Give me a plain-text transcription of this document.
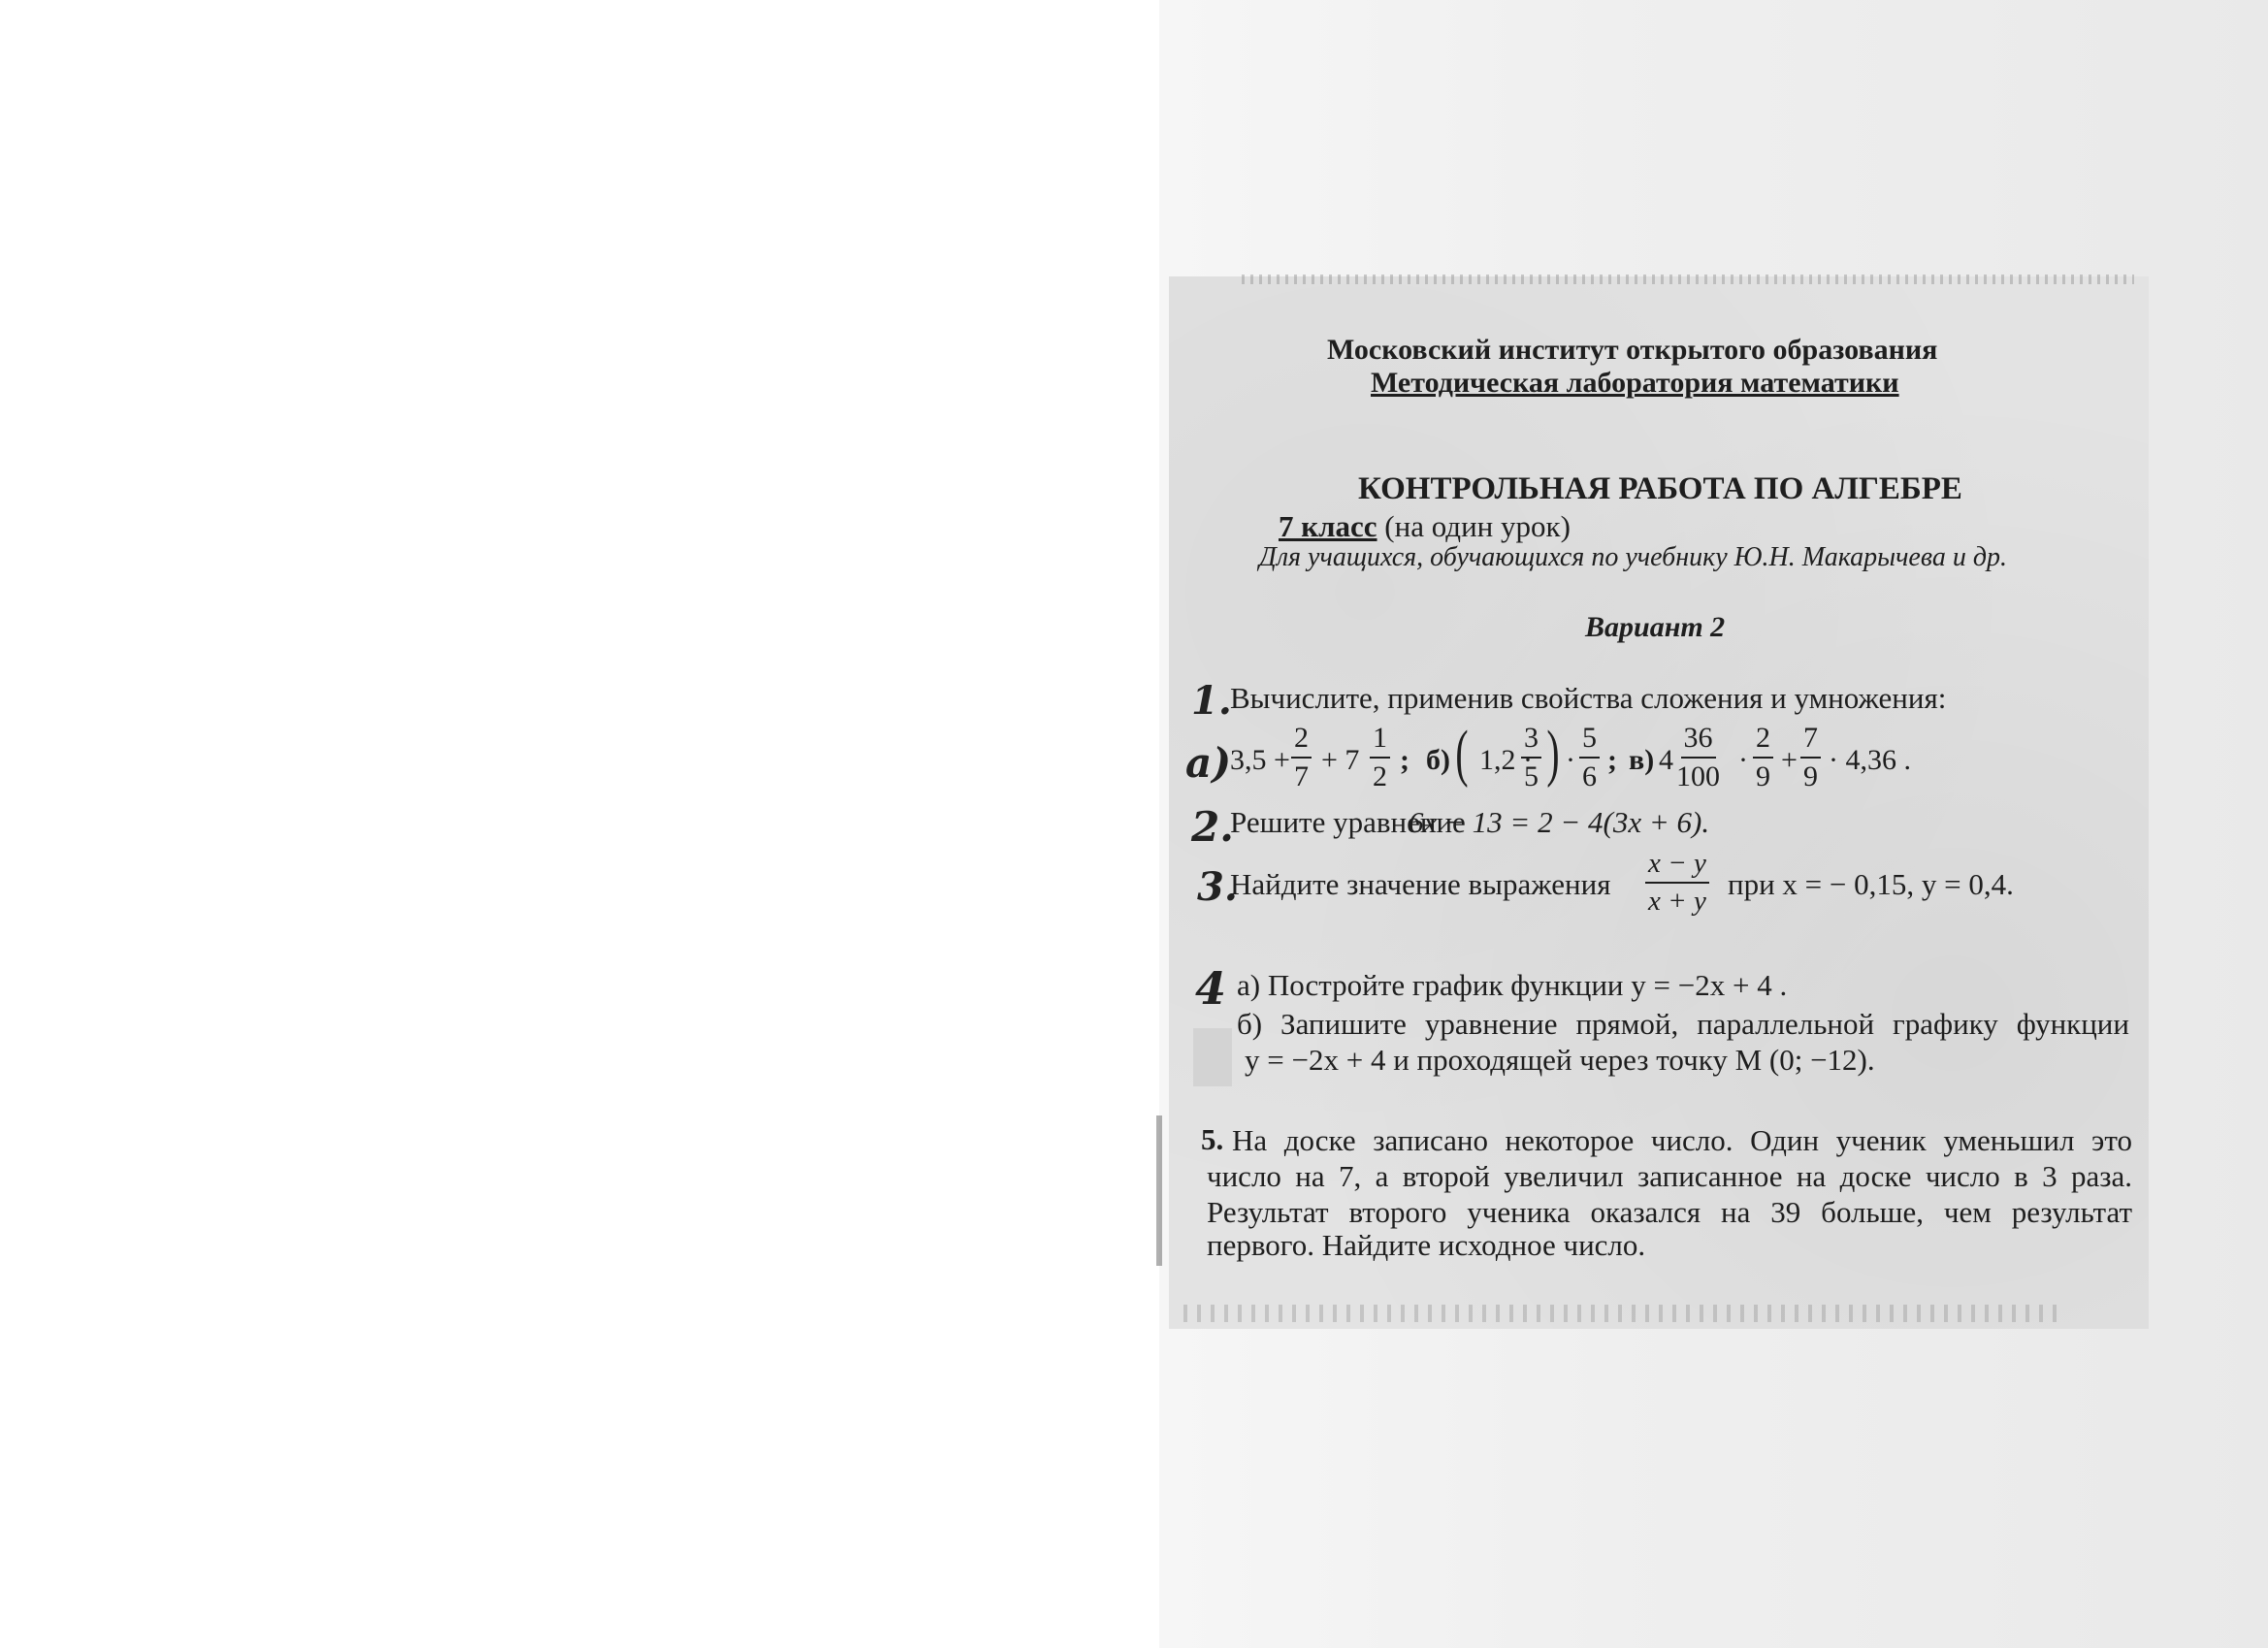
Московский институт открытого образования
Методическая лаборатория математики
КОНТРОЛЬНАЯ РАБОТА ПО АЛГЕБРЕ
7 класс (на один урок)
Для учащихся, обучающихся по учебнику Ю.Н. Макарычева и др.
Вариант 2
1.
Вычислите, применив свойства сложения и умножения:
а)
$3,5 + \frac{2}{7} + 7 \frac{1}{2}$ ; б) ( 1,2 ·
$\frac{3}{5}$ ) · $\frac{5}{6}$ ; в) $4 \frac{36}{100} \cdot \frac{2}{9} + \frac{7}{9} \cdot 4,36$ .
2.
Решите уравнение
6x − 13 = 2 − 4(3x + 6).
3.
Найдите значение выражения $\frac{x - y}{x + y}$ при x = − 0,15, y = 0,4.
4 а) Постройте график функции y = −2x + 4 .
б) Запишите уравнение прямой, параллельной графику функции
y = −2x + 4 и проходящей через точку M (0; −12).
5. На доске записано некоторое число. Один ученик уменьшил это
число на 7, а второй увеличил записанное на доске число в 3 раза.
Результат второго ученика оказался на 39 больше, чем результат
первого. Найдите исходное число.
